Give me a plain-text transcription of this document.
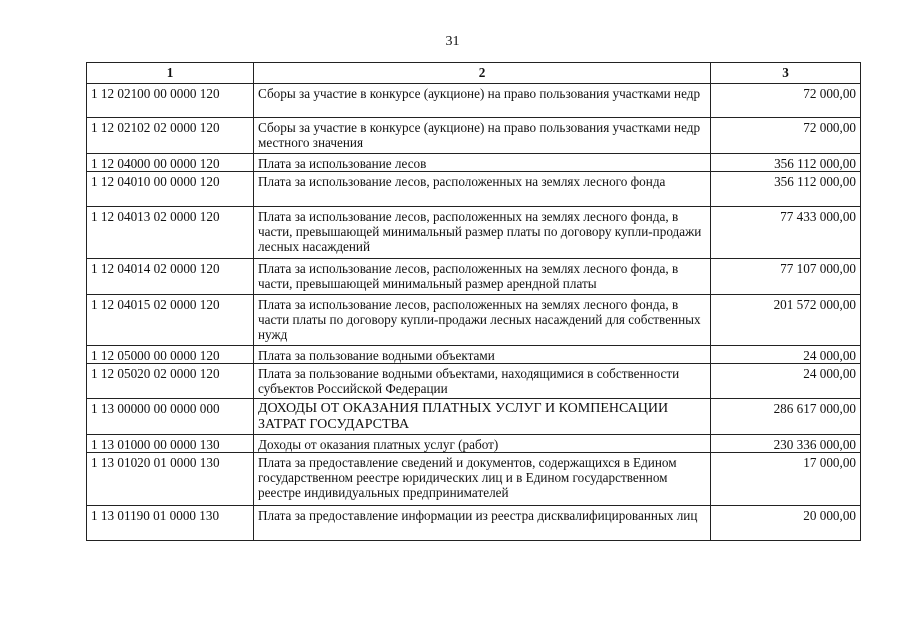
31
1	2	3
1 12 02100 00 0000 120	Сборы за участие в конкурсе (аукционе) на право пользования участками недр	72 000,00
1 12 02102 02 0000 120	Сборы за участие в конкурсе (аукционе) на право пользования участками недр местного значения	72 000,00
1 12 04000 00 0000 120	Плата за использование лесов	356 112 000,00
1 12 04010 00 0000 120	Плата за использование лесов, расположенных на землях лесного фонда	356 112 000,00
1 12 04013 02 0000 120	Плата за использование лесов, расположенных на землях лесного фонда, в части, превышающей минимальный размер платы по договору купли-продажи лесных насаждений	77 433 000,00
1 12 04014 02 0000 120	Плата за использование лесов, расположенных на землях лесного фонда, в части, превышающей минимальный размер арендной платы	77 107 000,00
1 12 04015 02 0000 120	Плата за использование лесов, расположенных на землях лесного фонда, в части платы по договору купли-продажи лесных насаждений для собственных нужд	201 572 000,00
1 12 05000 00 0000 120	Плата за пользование водными объектами	24 000,00
1 12 05020 02 0000 120	Плата за пользование водными объектами, находящимися в собственности субъектов Российской Федерации	24 000,00
1 13 00000 00 0000 000	ДОХОДЫ ОТ ОКАЗАНИЯ ПЛАТНЫХ УСЛУГ И КОМПЕНСАЦИИ ЗАТРАТ ГОСУДАРСТВА	286 617 000,00
1 13 01000 00 0000 130	Доходы от оказания платных услуг (работ)	230 336 000,00
1 13 01020 01 0000 130	Плата за предоставление сведений и документов, содержащихся в Едином государственном реестре юридических лиц и в Едином государственном реестре индивидуальных предпринимателей	17 000,00
1 13 01190 01 0000 130	Плата за предоставление информации из реестра дисквалифицированных лиц	20 000,00
